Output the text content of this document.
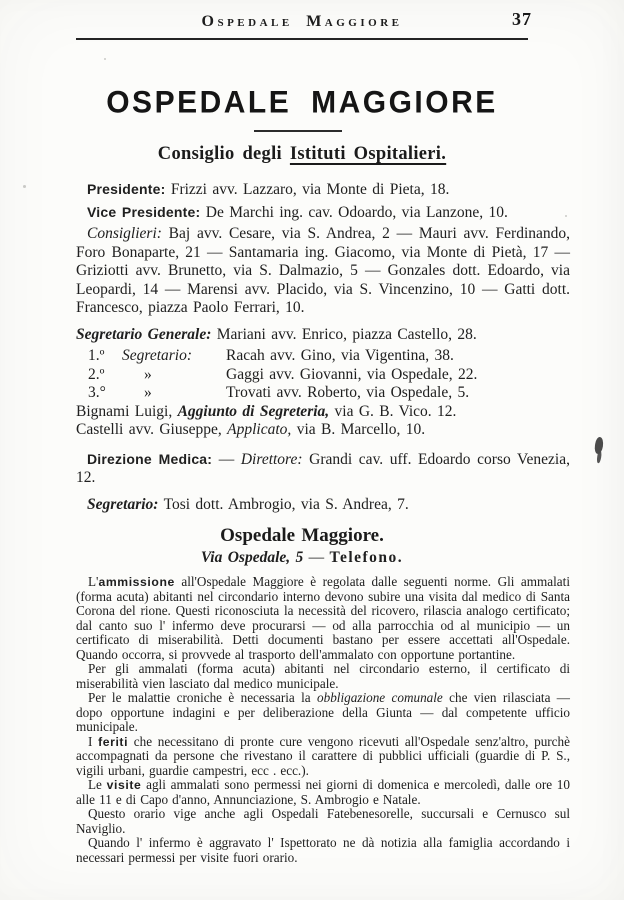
Ospedale Maggiore	37
OSPEDALE MAGGIORE
Consiglio degli Istituti Ospitalieri.

Presidente: Frizzi avv. Lazzaro, via Monte di Pieta, 18.

Vice Presidente: De Marchi ing. cav. Odoardo, via Lanzone, 10.

Consiglieri: Baj avv. Cesare, via S. Andrea, 2 — Mauri avv. Ferdinando, Foro Bonaparte, 21 — Santamaria ing. Giacomo, via Monte di Pietà, 17 — Griziotti avv. Brunetto, via S. Dalmazio, 5 — Gonzales dott. Edoardo, via Leopardi, 14 — Marensi avv. Placido, via S. Vincenzino, 10 — Gatti dott. Francesco, piazza Paolo Ferrari, 10.

Segretario Generale: Mariani avv. Enrico, piazza Castello, 28.

1.º	Segretario:	Racah avv. Gino, via Vigentina, 38.

2.º	»	Gaggi avv. Giovanni, via Ospedale, 22.

3.°	»	Trovati avv. Roberto, via Ospedale, 5.

Bignami Luigi, Aggiunto di Segreteria, via G. B. Vico. 12.

Castelli avv. Giuseppe, Applicato, via B. Marcello, 10.

Direzione Medica: — Direttore: Grandi cav. uff. Edoardo corso Venezia, 12.

Segretario: Tosi dott. Ambrogio, via S. Andrea, 7.

Ospedale Maggiore.

Via Ospedale, 5 — Telefono.

L'ammissione all'Ospedale Maggiore è regolata dalle seguenti norme. Gli ammalati (forma acuta) abitanti nel circondario interno devono subire una visita dal medico di Santa Corona del rione. Questi riconosciuta la necessità del ricovero, rilascia analogo certificato; dal canto suo l' infermo deve procurarsi — od alla parrocchia od al municipio — un certificato di miserabilità. Detti documenti bastano per essere accettati all'Ospedale. Quando occorra, si provvede al trasporto dell'ammalato con opportune portantine.

Per gli ammalati (forma acuta) abitanti nel circondario esterno, il certificato di miserabilità vien lasciato dal medico municipale.

Per le malattie croniche è necessaria la obbligazione comunale che vien rilasciata — dopo opportune indagini e per deliberazione della Giunta — dal competente ufficio municipale.

I feriti che necessitano di pronte cure vengono ricevuti all'Ospedale senz'altro, purchè accompagnati da persone che rivestano il carattere di pubblici ufficiali (guardie di P. S., vigili urbani, guardie campestri, ecc . ecc.).

Le visite agli ammalati sono permessi nei giorni di domenica e mercoledì, dalle ore 10 alle 11 e di Capo d'anno, Annunciazione, S. Ambrogio e Natale.

Questo orario vige anche agli Ospedali Fatebenesorelle, succursali e Cernusco sul Naviglio.

Quando l' infermo è aggravato l' Ispettorato ne dà notizia alla famiglia accordando i necessari permessi per visite fuori orario.
